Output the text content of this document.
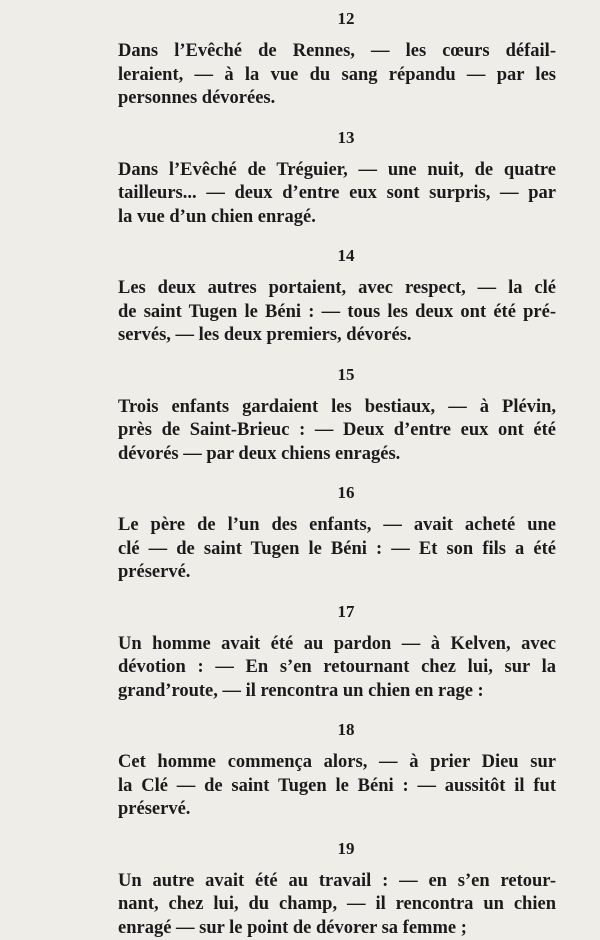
12
Dans l’Evêché de Rennes, — les cœurs défail-
leraient, — à la vue du sang répandu — par les
personnes dévorées.
13
Dans l’Evêché de Tréguier, — une nuit, de quatre
tailleurs... — deux d’entre eux sont surpris, — par
la vue d’un chien enragé.
14
Les deux autres portaient, avec respect, — la clé
de saint Tugen le Béni : — tous les deux ont été pré-
servés, — les deux premiers, dévorés.
15
Trois enfants gardaient les bestiaux, — à Plévin,
près de Saint-Brieuc : — Deux d’entre eux ont été
dévorés — par deux chiens enragés.
16
Le père de l’un des enfants, — avait acheté une
clé — de saint Tugen le Béni : — Et son fils a été
préservé.
17
Un homme avait été au pardon — à Kelven, avec
dévotion : — En s’en retournant chez lui, sur la
grand’route, — il rencontra un chien en rage :
18
Cet homme commença alors, — à prier Dieu sur
la Clé — de saint Tugen le Béni : — aussitôt il fut
préservé.
19
Un autre avait été au travail : — en s’en retour-
nant, chez lui, du champ, — il rencontra un chien
enragé — sur le point de dévorer sa femme ;
